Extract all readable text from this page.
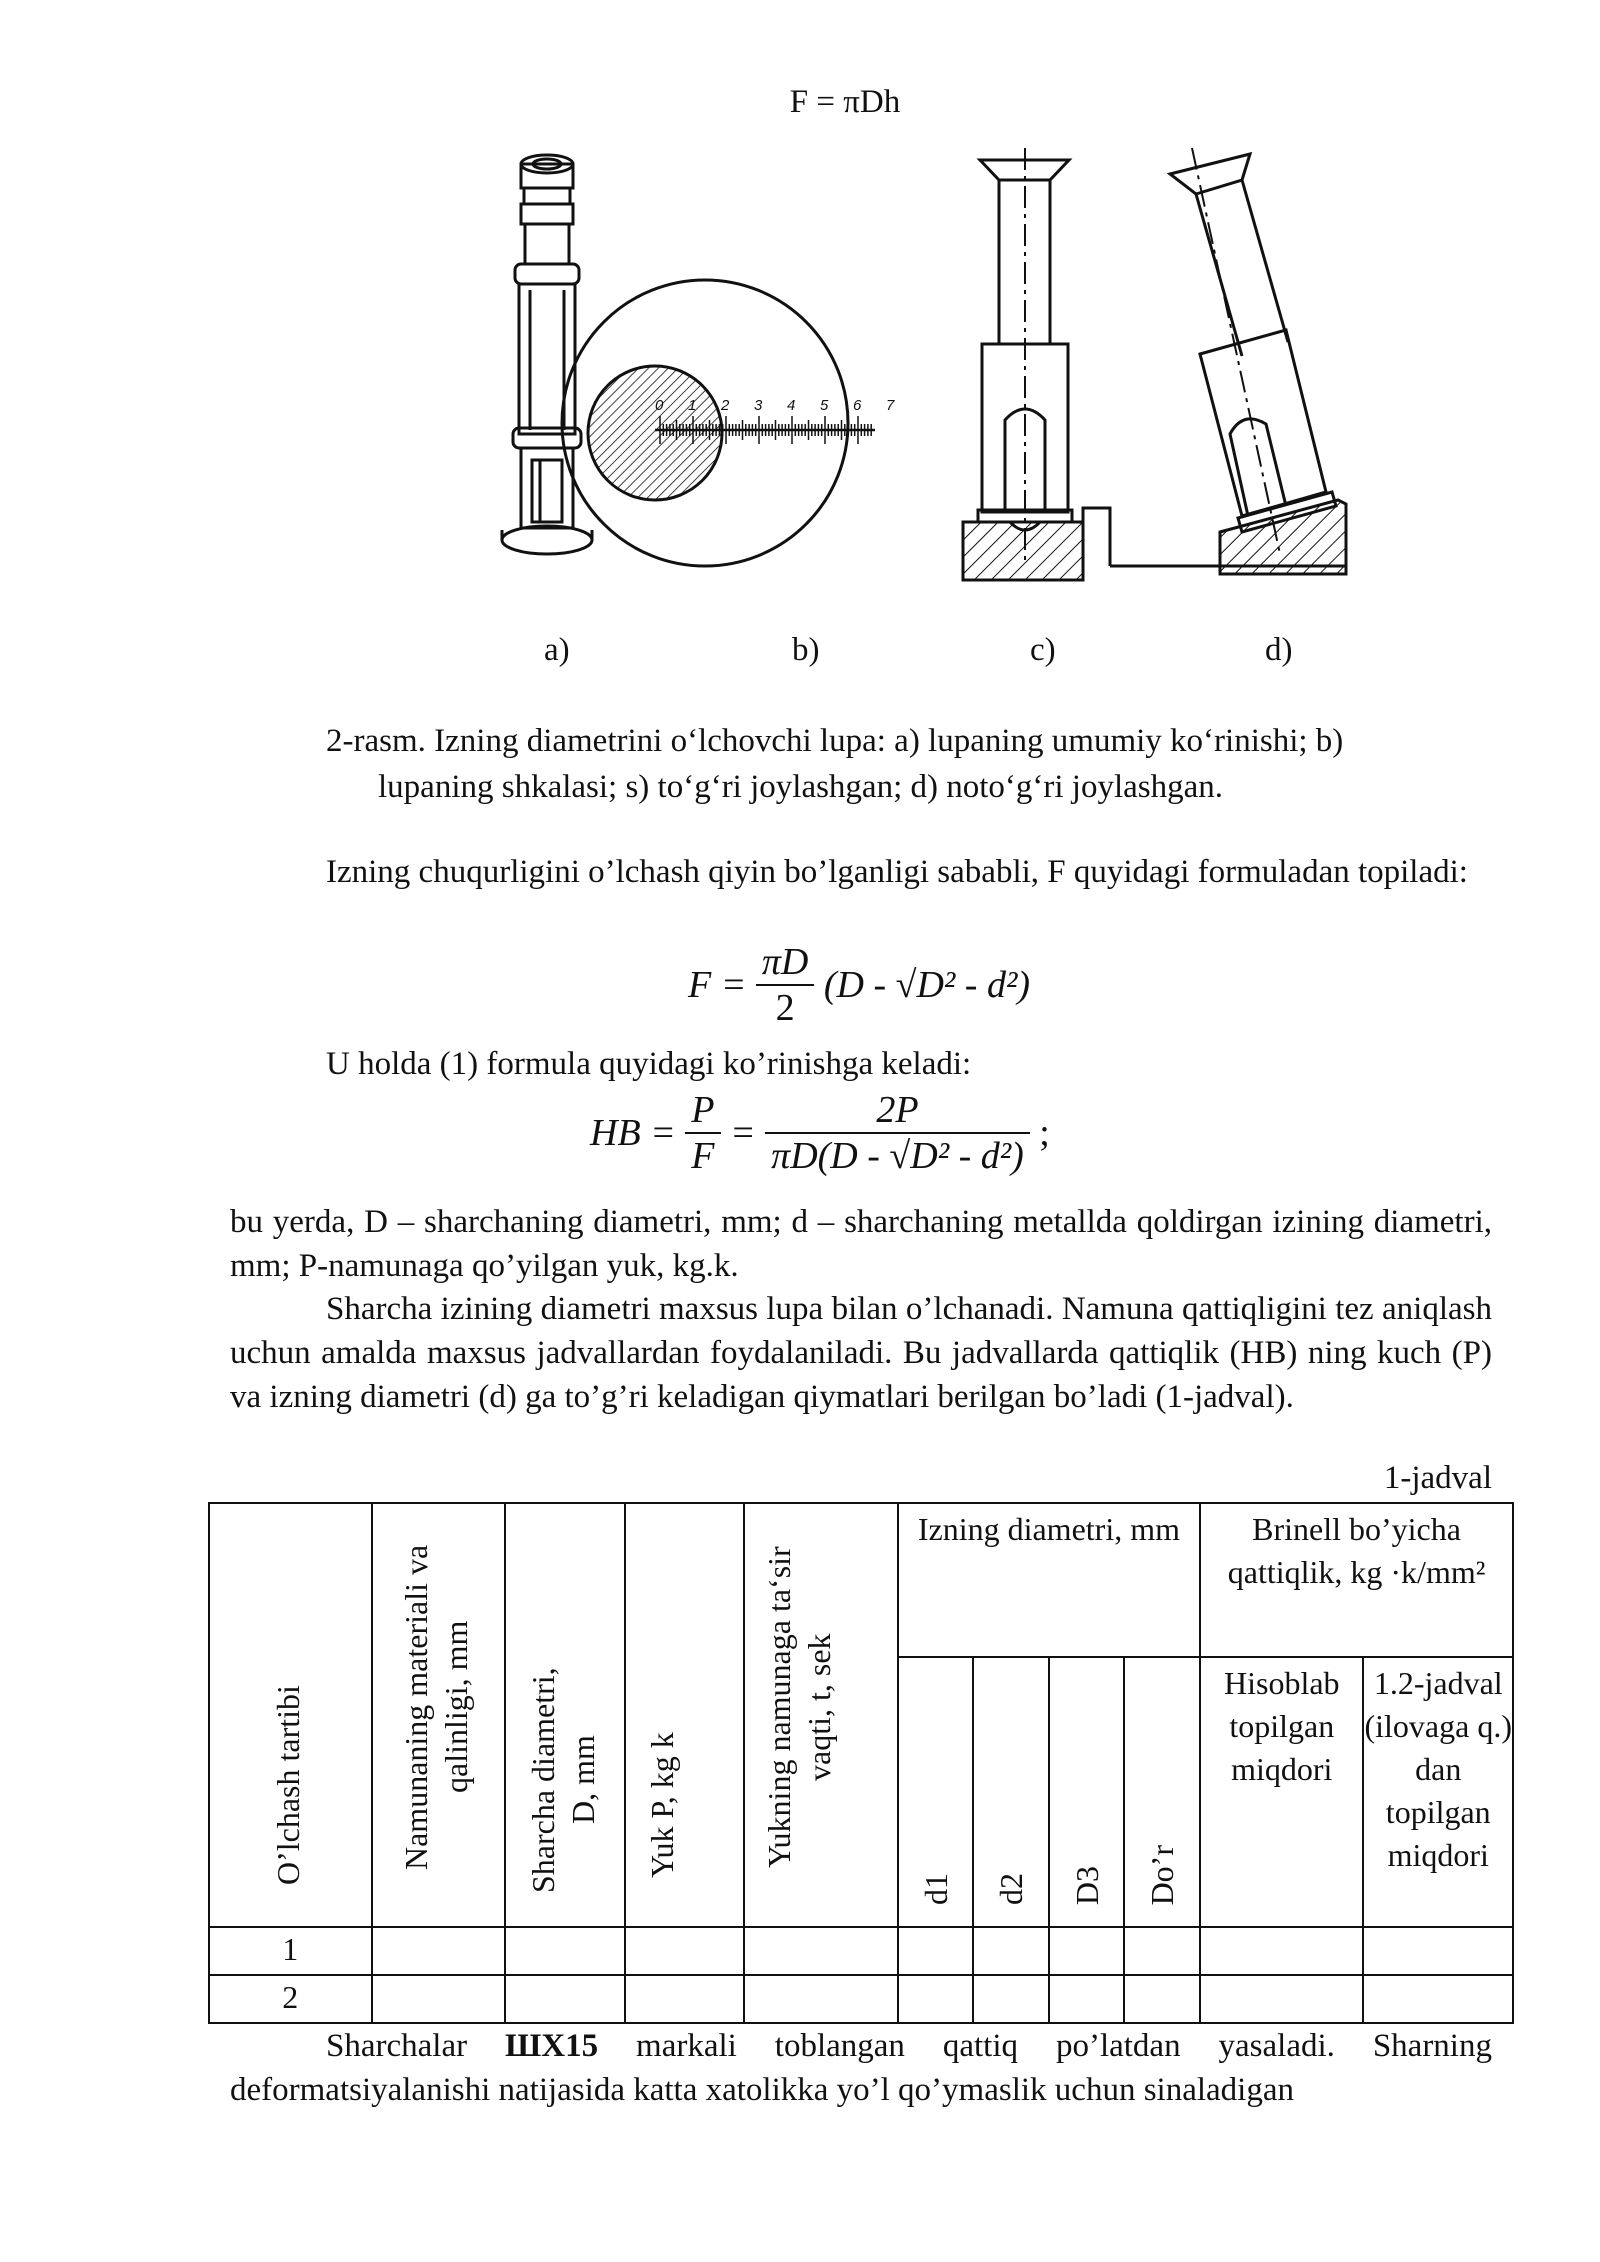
F = πDh
0 1 2 3 4 5 6 7
a)	b)	c)	d)
2-rasm. Izning diametrini o‘lchovchi lupa: a) lupaning umumiy ko‘rinishi; b)
lupaning shkalasi; s) to‘g‘ri joylashgan; d) noto‘g‘ri joylashgan.
Izning chuqurligini o’lchash qiyin bo’lganligi sababli, F quyidagi formuladan topiladi:
$F = \frac{\pi D}{2} (D - √D^2 - d^2)$
U holda (1) formula quyidagi ko’rinishga keladi:
HB = $\frac{P}{F} = \frac{2P}{\text{πD(D - √D² - d²)}}$ ;
bu yerda, D – sharchaning diametri, mm; d – sharchaning metallda qoldirgan izining diametri, mm; P-namunaga qo’yilgan yuk, kg.k.
Sharcha izining diametri maxsus lupa bilan o’lchanadi. Namuna qattiqligini tez aniqlash uchun amalda maxsus jadvallardan foydalaniladi. Bu jadvallarda qattiqlik (HB) ning kuch (P) va izning diametri (d) ga to’g’ri keladigan qiymatlari berilgan bo’ladi (1-jadval).
1-jadval
O’lchash tartibi	Namunaning materiali va qalinligi, mm	Sharcha diametri, D, mm	Yuk P, kg k	Yukning namunaga ta‘sir vaqti, t, sek	Izning diametri, mm				Brinell bo’yicha qattiqlik, kg ·k/mm²	
					d1	d2	D3	Do’r	Hisoblab topilgan miqdori	1.2-jadval (ilovaga q.) dan topilgan miqdori
1										
2										
Sharchalar ШХ15 markali toblangan qattiq po’latdan yasaladi. Sharning deformatsiyalanishi natijasida katta xatolikka yo’l qo’ymaslik uchun sinaladigan
